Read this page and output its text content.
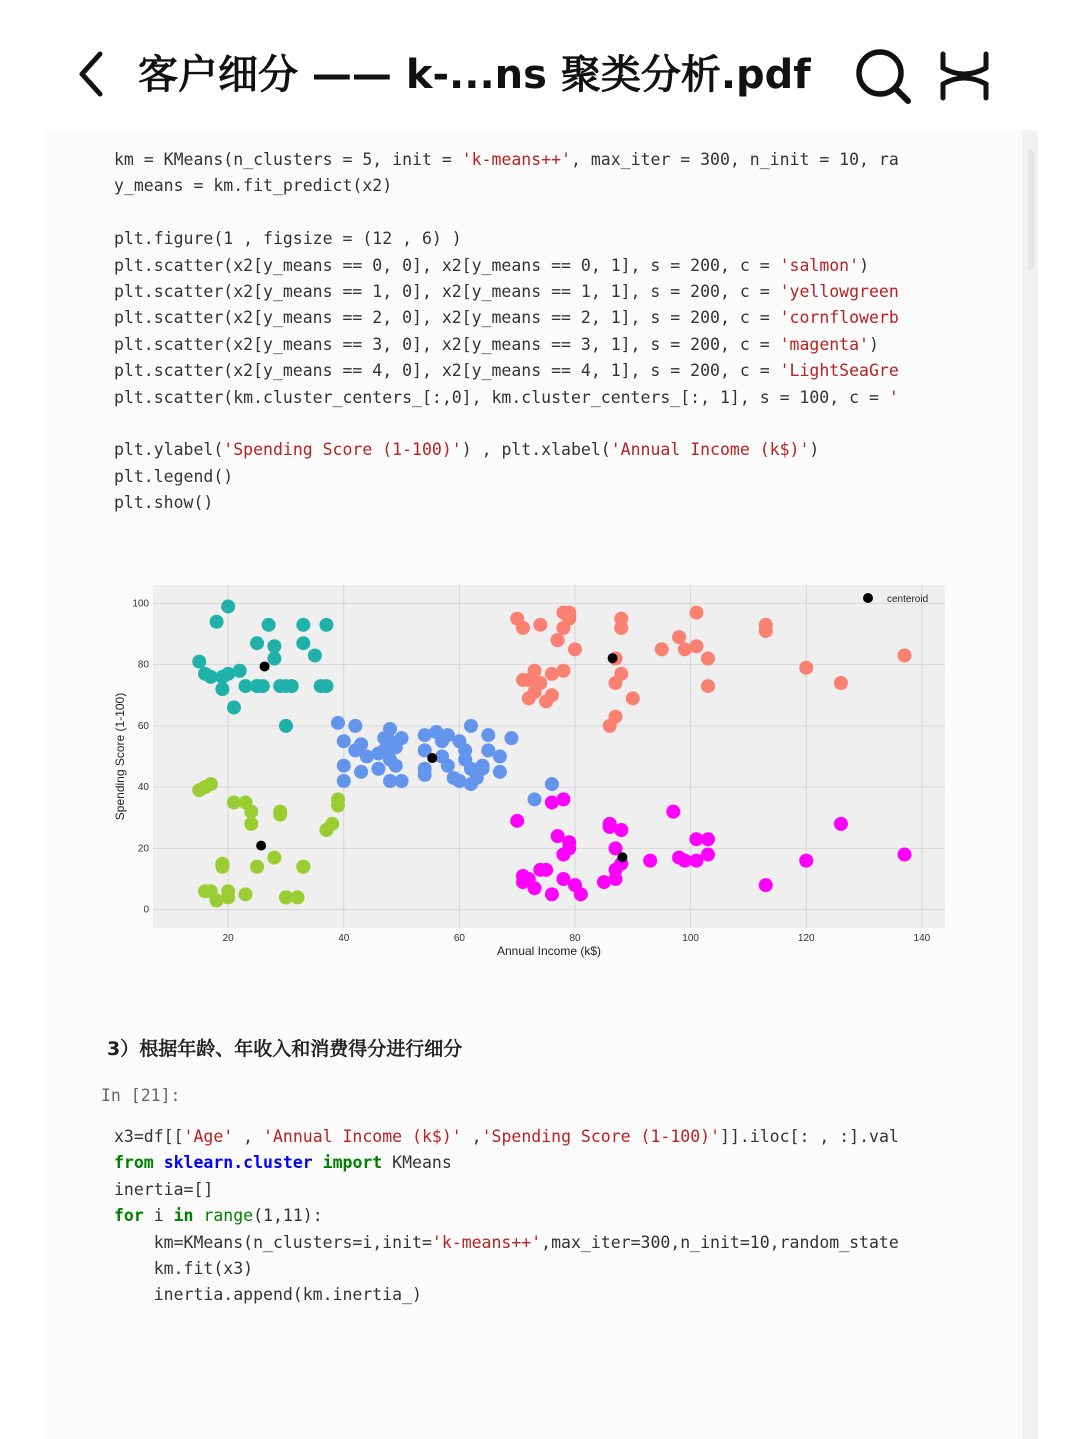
客户细分 —— k-...ns 聚类分析.pdf
km = KMeans(n_clusters = 5, init = 'k-means++', max_iter = 300, n_init = 10, ra
y_means = km.fit_predict(x2)

plt.figure(1 , figsize = (12 , 6) )
plt.scatter(x2[y_means == 0, 0], x2[y_means == 0, 1], s = 200, c = 'salmon')
plt.scatter(x2[y_means == 1, 0], x2[y_means == 1, 1], s = 200, c = 'yellowgreen
plt.scatter(x2[y_means == 2, 0], x2[y_means == 2, 1], s = 200, c = 'cornflowerb
plt.scatter(x2[y_means == 3, 0], x2[y_means == 3, 1], s = 200, c = 'magenta')
plt.scatter(x2[y_means == 4, 0], x2[y_means == 4, 1], s = 200, c = 'LightSeaGre
plt.scatter(km.cluster_centers_[:,0], km.cluster_centers_[:, 1], s = 100, c = '

plt.ylabel('Spending Score (1-100)') , plt.xlabel('Annual Income (k$)')
plt.legend()
plt.show()
20	40	60	80	100	120	140
0
20
40
60
80
100
Annual Income (k$)
Spending Score (1-100)
centeroid
3）根据年龄、年收入和消费得分进行细分
In [21]:
x3=df[['Age' , 'Annual Income (k$)' ,'Spending Score (1-100)']].iloc[: , :].val
from sklearn.cluster import KMeans
inertia=[]
for i in range(1,11):
km=KMeans(n_clusters=i,init='k-means++',max_iter=300,n_init=10,random_state
km.fit(x3)
inertia.append(km.inertia_)
